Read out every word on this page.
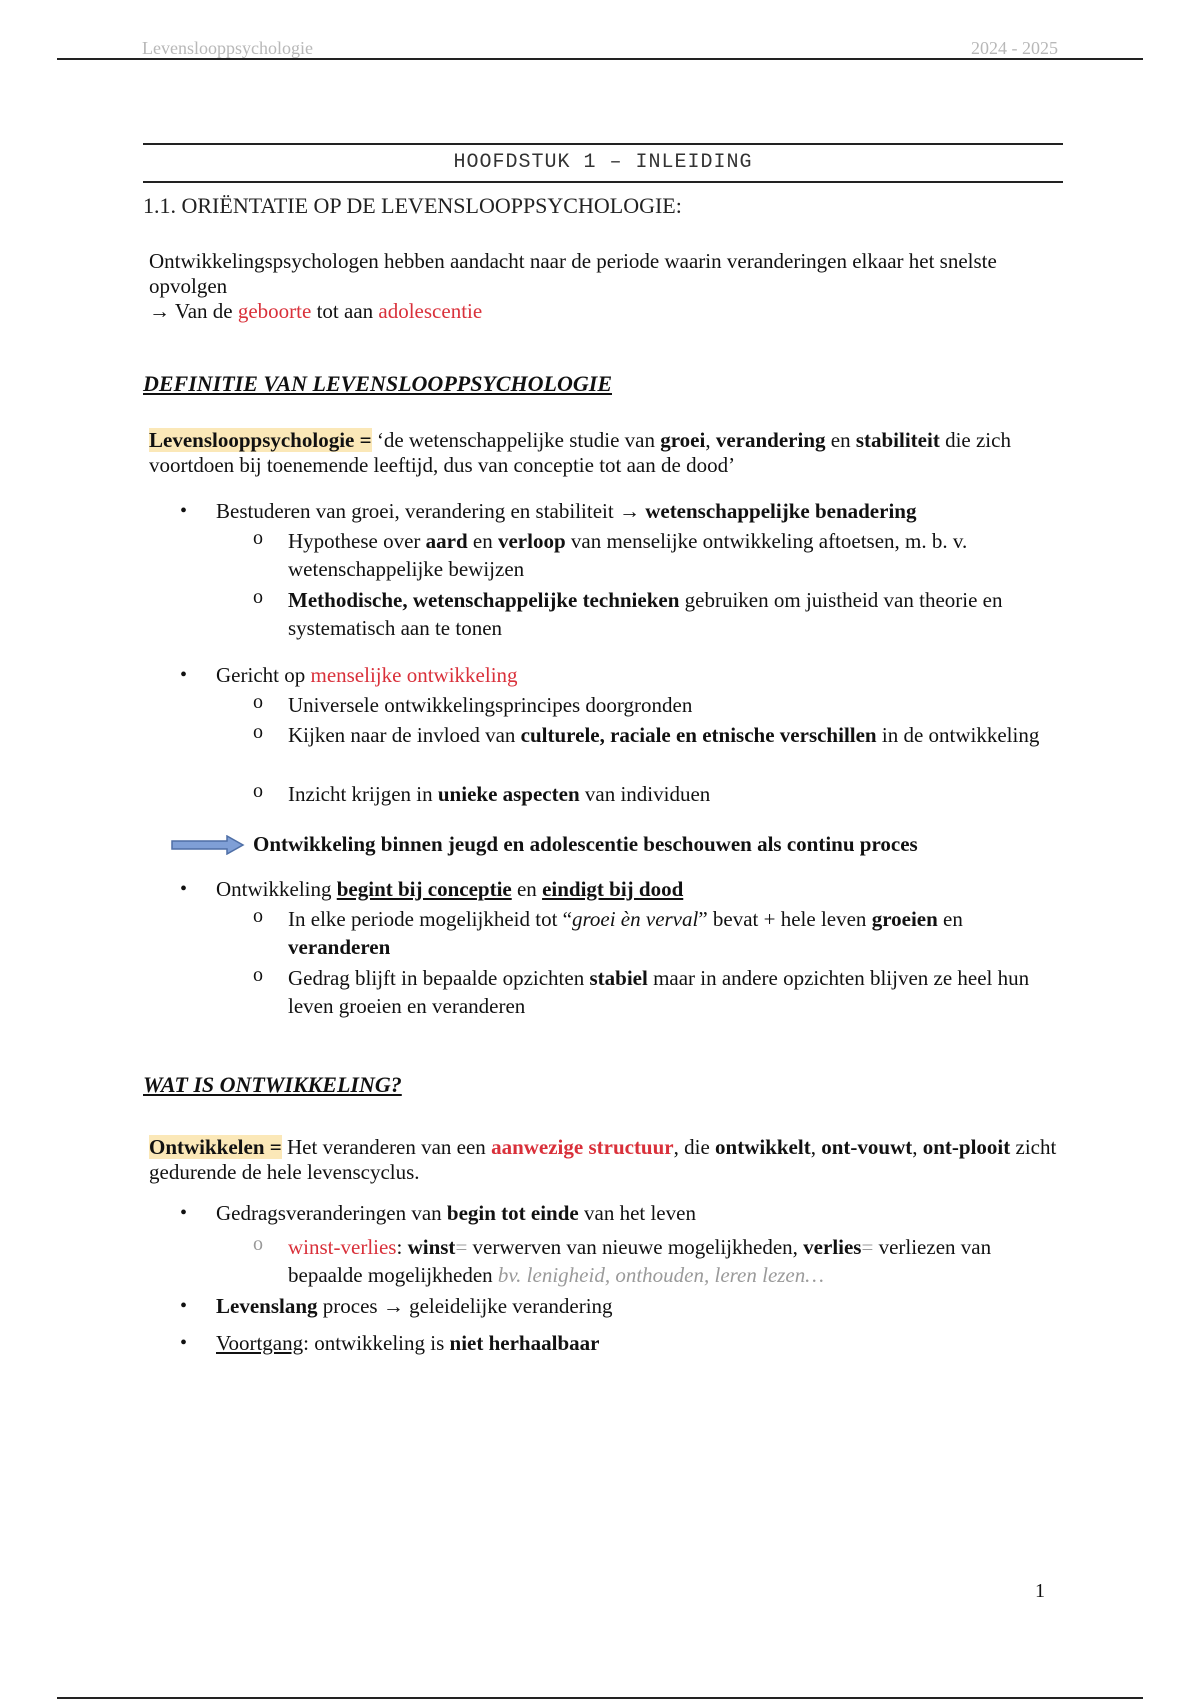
Levenslooppsychologie	2024 - 2025
HOOFDSTUK 1 – INLEIDING
1.1. ORIËNTATIE OP DE LEVENSLOOPPSYCHOLOGIE:
Ontwikkelingspsychologen hebben aandacht naar de periode waarin veranderingen elkaar het snelste opvolgen
→ Van de geboorte tot aan adolescentie
DEFINITIE VAN LEVENSLOOPPSYCHOLOGIE
Levenslooppsychologie = ‘de wetenschappelijke studie van groei, verandering en stabiliteit die zich voortdoen bij toenemende leeftijd, dus van conceptie tot aan de dood’
• Bestuderen van groei, verandering en stabiliteit → wetenschappelijke benadering
o Hypothese over aard en verloop van menselijke ontwikkeling aftoetsen, m. b. v. wetenschappelijke bewijzen
o Methodische, wetenschappelijke technieken gebruiken om juistheid van theorie en systematisch aan te tonen
• Gericht op menselijke ontwikkeling
o Universele ontwikkelingsprincipes doorgronden
o Kijken naar de invloed van culturele, raciale en etnische verschillen in de ontwikkeling
o Inzicht krijgen in unieke aspecten van individuen
Ontwikkeling binnen jeugd en adolescentie beschouwen als continu proces
• Ontwikkeling begint bij conceptie en eindigt bij dood
o In elke periode mogelijkheid tot “groei èn verval” bevat + hele leven groeien en veranderen
o Gedrag blijft in bepaalde opzichten stabiel maar in andere opzichten blijven ze heel hun leven groeien en veranderen
WAT IS ONTWIKKELING?
Ontwikkelen = Het veranderen van een aanwezige structuur, die ontwikkelt, ont-vouwt, ont-plooit zicht gedurende de hele levenscyclus.
• Gedragsveranderingen van begin tot einde van het leven
o winst-verlies: winst= verwerven van nieuwe mogelijkheden, verlies= verliezen van bepaalde mogelijkheden bv. lenigheid, onthouden, leren lezen…
• Levenslang proces → geleidelijke verandering
• Voortgang: ontwikkeling is niet herhaalbaar
1
